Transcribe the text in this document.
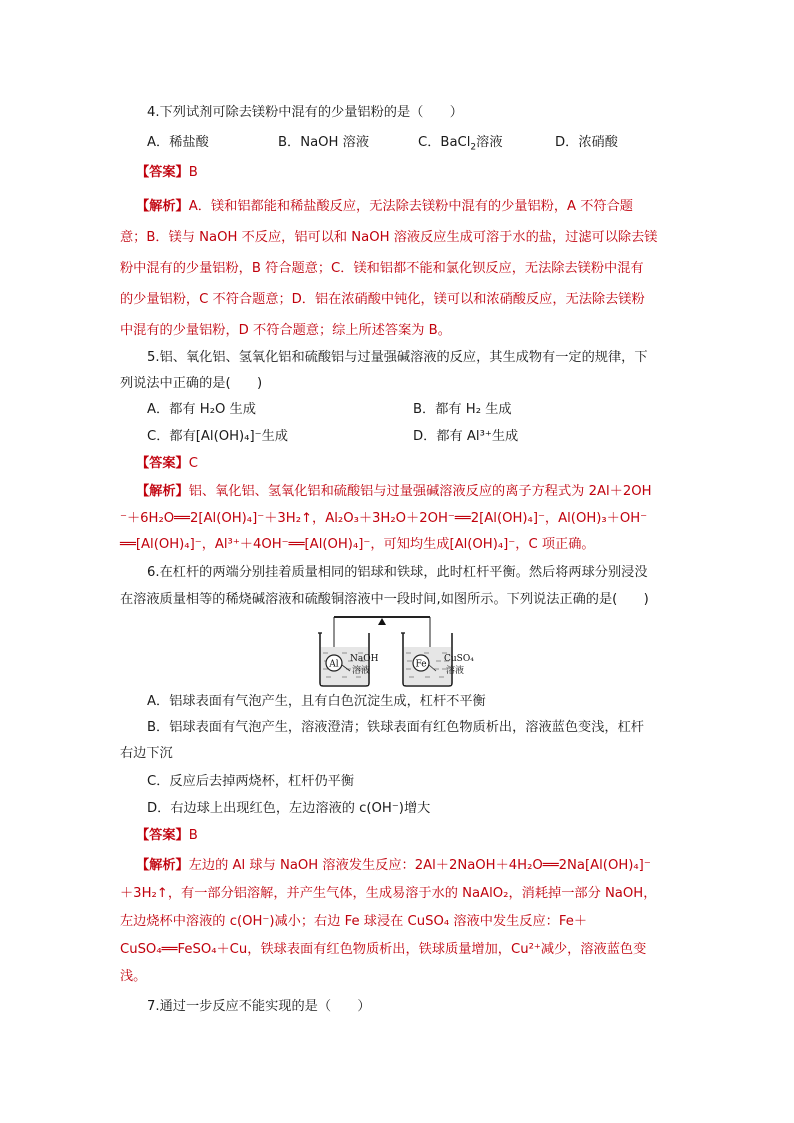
4.下列试剂可除去镁粉中混有的少量铝粉的是（　　）
A．稀盐酸	B．NaOH 溶液	C．BaCl$_2$溶液	D．浓硝酸
【答案】B
【解析】A．镁和铝都能和稀盐酸反应，无法除去镁粉中混有的少量铝粉，A 不符合题
意；B．镁与 NaOH 不反应，铝可以和 NaOH 溶液反应生成可溶于水的盐，过滤可以除去镁
粉中混有的少量铝粉，B 符合题意；C．镁和铝都不能和氯化钡反应，无法除去镁粉中混有
的少量铝粉，C 不符合题意；D．铝在浓硝酸中钝化，镁可以和浓硝酸反应，无法除去镁粉
中混有的少量铝粉，D 不符合题意；综上所述答案为 B。
5.铝、氧化铝、氢氧化铝和硫酸铝与过量强碱溶液的反应，其生成物有一定的规律，下
列说法中正确的是(　　)
A．都有 H₂O 生成	B．都有 H₂ 生成
C．都有[Al(OH)₄]⁻生成	D．都有 Al³⁺生成
【答案】C
【解析】铝、氧化铝、氢氧化铝和硫酸铝与过量强碱溶液反应的离子方程式为 2Al＋2OH
⁻＋6H₂O══2[Al(OH)₄]⁻＋3H₂↑，Al₂O₃＋3H₂O＋2OH⁻══2[Al(OH)₄]⁻，Al(OH)₃＋OH⁻
══[Al(OH)₄]⁻，Al³⁺＋4OH⁻══[Al(OH)₄]⁻，可知均生成[Al(OH)₄]⁻，C 项正确。
6.在杠杆的两端分别挂着质量相同的铝球和铁球，此时杠杆平衡。然后将两球分别浸没
在溶液质量相等的稀烧碱溶液和硫酸铜溶液中一段时间,如图所示。下列说法正确的是(　　)
Al
NaOH
溶液
Fe
CuSO₄
溶液
A．铝球表面有气泡产生，且有白色沉淀生成，杠杆不平衡
B．铝球表面有气泡产生，溶液澄清；铁球表面有红色物质析出，溶液蓝色变浅，杠杆
右边下沉
C．反应后去掉两烧杯，杠杆仍平衡
D．右边球上出现红色，左边溶液的 c(OH⁻)增大
【答案】B
【解析】左边的 Al 球与 NaOH 溶液发生反应：2Al＋2NaOH＋4H₂O══2Na[Al(OH)₄]⁻
＋3H₂↑，有一部分铝溶解，并产生气体，生成易溶于水的 NaAlO₂，消耗掉一部分 NaOH，
左边烧杯中溶液的 c(OH⁻)减小；右边 Fe 球浸在 CuSO₄ 溶液中发生反应：Fe＋
CuSO₄══FeSO₄＋Cu，铁球表面有红色物质析出，铁球质量增加，Cu²⁺减少，溶液蓝色变
浅。
7.通过一步反应不能实现的是（　　）
